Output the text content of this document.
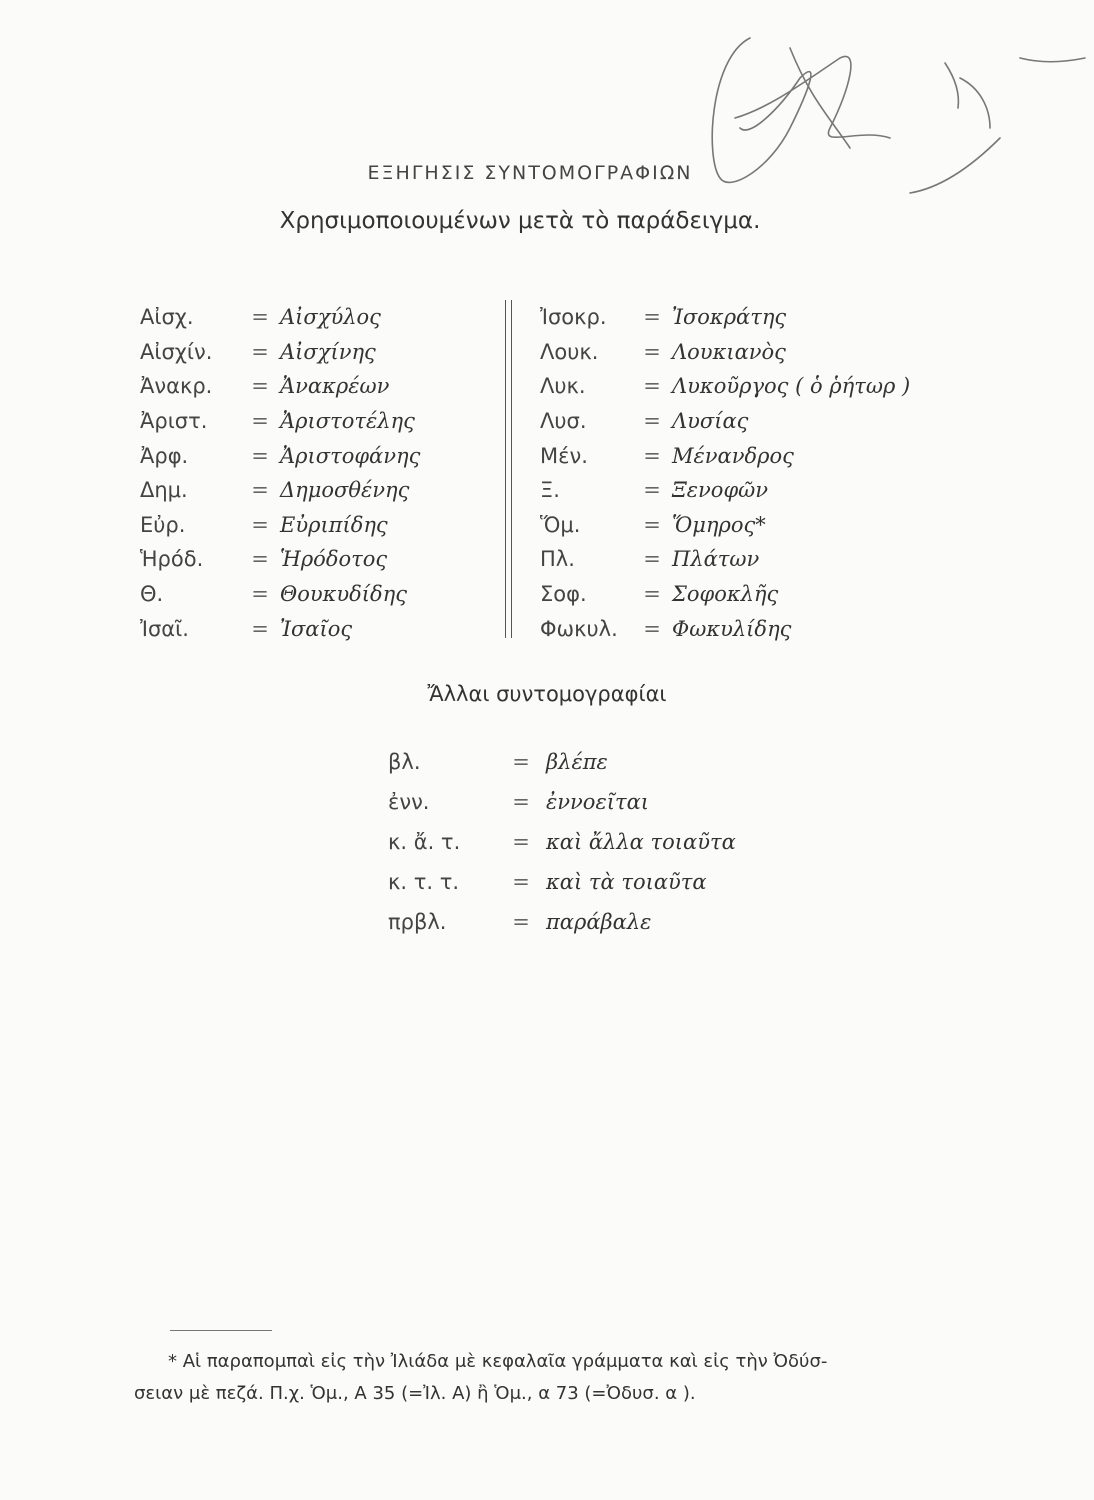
ΕΞΗΓΗΣΙΣ ΣΥΝΤΟΜΟΓΡΑΦΙΩΝ
Χρησιμοποιουμένων μετὰ τὸ παράδειγμα.
Αἰσχ.	= Αἰσχύλος
Αἰσχίν.	= Αἰσχίνης
Ἀνακρ.	= Ἀνακρέων
Ἀριστ.	= Ἀριστοτέλης
Ἀρφ.	= Ἀριστοφάνης
Δημ.	= Δημοσθένης
Εὐρ.	= Εὐριπίδης
Ἡρόδ.	= Ἡρόδοτος
Θ.	= Θουκυδίδης
Ἰσαῖ.	= Ἰσαῖος
Ἰσοκρ.	= Ἰσοκράτης
Λουκ.	= Λουκιανὸς
Λυκ.	= Λυκοῦργος ( ὁ ῥήτωρ )
Λυσ.	= Λυσίας
Μέν.	= Μένανδρος
Ξ.	= Ξενοφῶν
Ὅμ.	= Ὅμηρος*
Πλ.	= Πλάτων
Σοφ.	= Σοφοκλῆς
Φωκυλ.	= Φωκυλίδης
Ἄλλαι συντομογραφίαι
βλ.	= βλέπε
ἐνν.	= ἐννοεῖται
κ. ἄ. τ.	= καὶ ἄλλα τοιαῦτα
κ. τ. τ.	= καὶ τὰ τοιαῦτα
πρβλ.	= παράβαλε

* Αἱ παραπομπαὶ εἰς τὴν Ἰλιάδα μὲ κεφαλαῖα γράμματα καὶ εἰς τὴν Ὀδύσ-

σειαν μὲ πεζά. Π.χ. Ὁμ., Α 35 (=Ἰλ. Α) ἢ Ὁμ., α 73 (=Ὀδυσ. α ).
